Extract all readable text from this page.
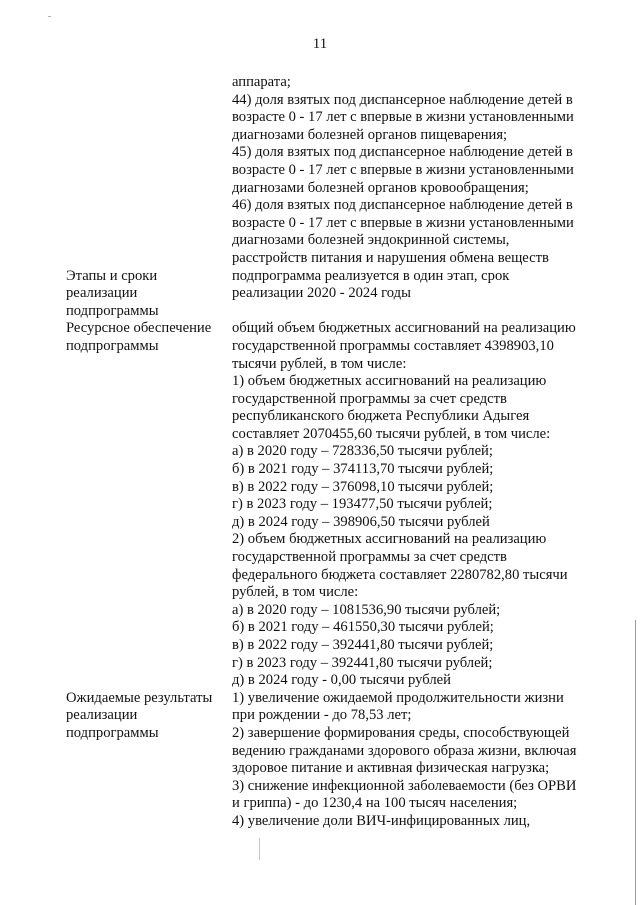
11
аппарата;
44) доля взятых под диспансерное наблюдение детей в
возрасте 0 - 17 лет с впервые в жизни установленными
диагнозами болезней органов пищеварения;
45) доля взятых под диспансерное наблюдение детей в
возрасте 0 - 17 лет с впервые в жизни установленными
диагнозами болезней органов кровообращения;
46) доля взятых под диспансерное наблюдение детей в
возрасте 0 - 17 лет с впервые в жизни установленными
диагнозами болезней эндокринной системы,
расстройств питания и нарушения обмена веществ
Этапы и сроки
реализации
подпрограммы
подпрограмма реализуется в один этап, срок
реализации 2020 - 2024 годы
Ресурсное обеспечение
подпрограммы
общий объем бюджетных ассигнований на реализацию
государственной программы составляет 4398903,10
тысячи рублей, в том числе:
1) объем бюджетных ассигнований на реализацию
государственной программы за счет средств
республиканского бюджета Республики Адыгея
составляет 2070455,60 тысячи рублей, в том числе:
а) в 2020 году – 728336,50 тысячи рублей;
б) в 2021 году – 374113,70 тысячи рублей;
в) в 2022 году – 376098,10 тысячи рублей;
г) в 2023 году – 193477,50 тысячи рублей;
д) в 2024 году – 398906,50 тысячи рублей
2) объем бюджетных ассигнований на реализацию
государственной программы за счет средств
федерального бюджета составляет 2280782,80 тысячи
рублей, в том числе:
а) в 2020 году – 1081536,90 тысячи рублей;
б) в 2021 году – 461550,30 тысячи рублей;
в) в 2022 году – 392441,80 тысячи рублей;
г) в 2023 году – 392441,80 тысячи рублей;
д) в 2024 году - 0,00 тысячи рублей
Ожидаемые результаты
реализации
подпрограммы
1) увеличение ожидаемой продолжительности жизни
при рождении - до 78,53 лет;
2) завершение формирования среды, способствующей
ведению гражданами здорового образа жизни, включая
здоровое питание и активная физическая нагрузка;
3) снижение инфекционной заболеваемости (без ОРВИ
и гриппа) - до 1230,4 на 100 тысяч населения;
4) увеличение доли ВИЧ-инфицированных лиц,
